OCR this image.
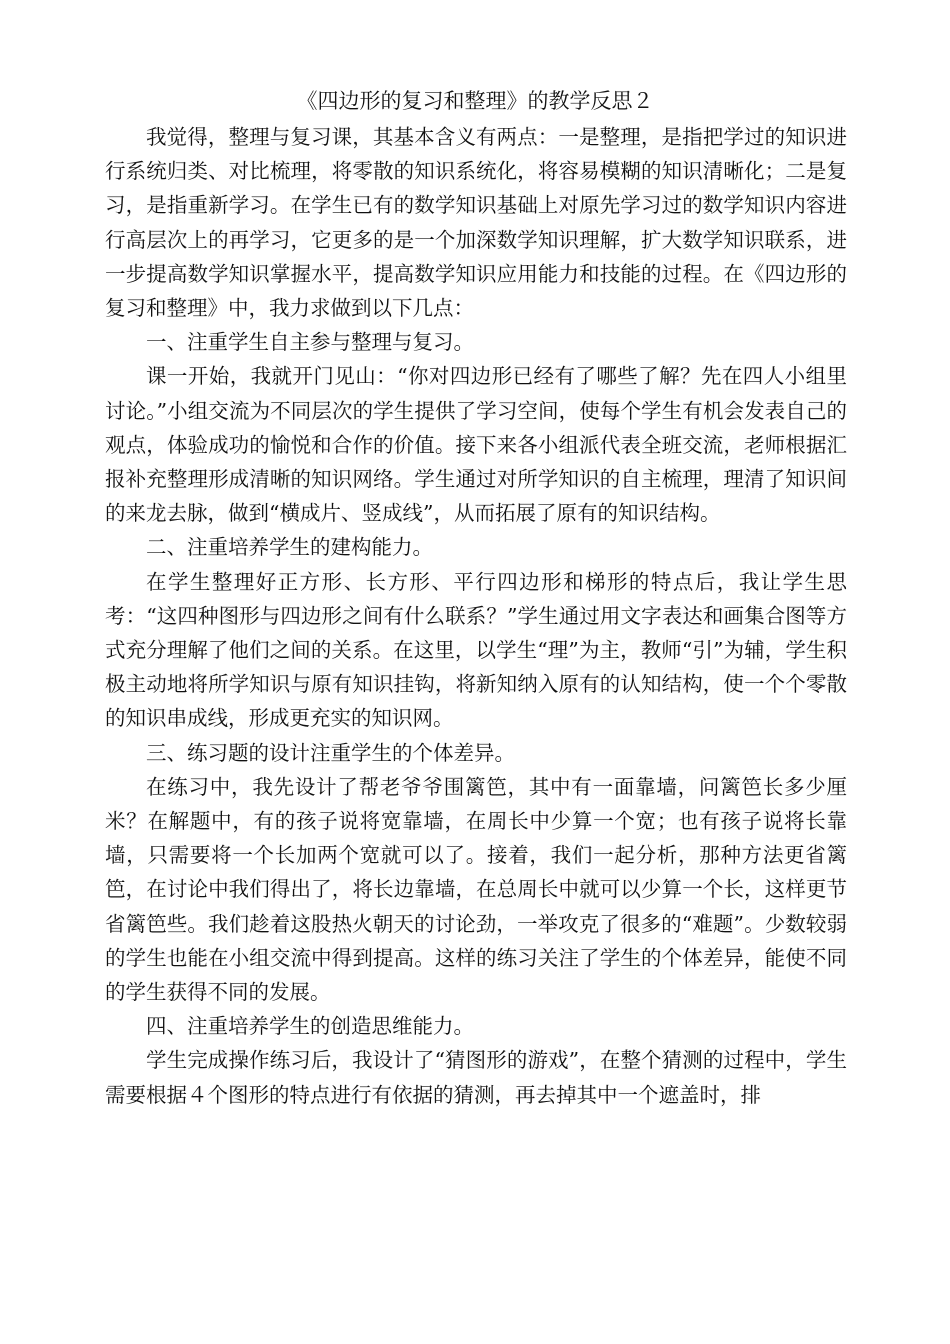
《四边形的复习和整理》的教学反思２

我觉得，整理与复习课，其基本含义有两点：一是整理，是指把学过的知识进行系统归类、对比梳理，将零散的知识系统化，将容易模糊的知识清晰化；二是复习，是指重新学习。在学生已有的数学知识基础上对原先学习过的数学知识内容进行高层次上的再学习，它更多的是一个加深数学知识理解，扩大数学知识联系，进一步提高数学知识掌握水平，提高数学知识应用能力和技能的过程。在《四边形的复习和整理》中，我力求做到以下几点：

一、注重学生自主参与整理与复习。

课一开始，我就开门见山：“你对四边形已经有了哪些了解？先在四人小组里讨论。”小组交流为不同层次的学生提供了学习空间，使每个学生有机会发表自己的观点，体验成功的愉悦和合作的价值。接下来各小组派代表全班交流，老师根据汇报补充整理形成清晰的知识网络。学生通过对所学知识的自主梳理，理清了知识间的来龙去脉，做到“横成片、竖成线”，从而拓展了原有的知识结构。

二、注重培养学生的建构能力。

在学生整理好正方形、长方形、平行四边形和梯形的特点后，我让学生思考：“这四种图形与四边形之间有什么联系？”学生通过用文字表达和画集合图等方式充分理解了他们之间的关系。在这里，以学生“理”为主，教师“引”为辅，学生积极主动地将所学知识与原有知识挂钩，将新知纳入原有的认知结构，使一个个零散的知识串成线，形成更充实的知识网。

三、练习题的设计注重学生的个体差异。

在练习中，我先设计了帮老爷爷围篱笆，其中有一面靠墙，问篱笆长多少厘米？在解题中，有的孩子说将宽靠墙，在周长中少算一个宽；也有孩子说将长靠墙，只需要将一个长加两个宽就可以了。接着，我们一起分析，那种方法更省篱笆，在讨论中我们得出了，将长边靠墙，在总周长中就可以少算一个长，这样更节省篱笆些。我们趁着这股热火朝天的讨论劲，一举攻克了很多的“难题”。少数较弱的学生也能在小组交流中得到提高。这样的练习关注了学生的个体差异，能使不同的学生获得不同的发展。

四、注重培养学生的创造思维能力。

学生完成操作练习后，我设计了“猜图形的游戏”，在整个猜测的过程中，学生需要根据４个图形的特点进行有依据的猜测，再去掉其中一个遮盖时，排
